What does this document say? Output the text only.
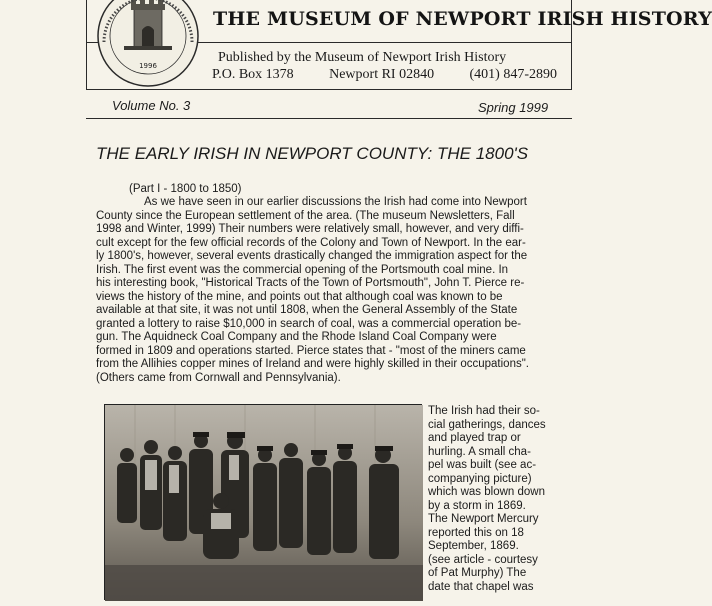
1996
THE MUSEUM OF NEWPORT IRISH HISTORY
Published by the Museum of Newport Irish History
P.O. Box 1378	Newport RI 02840	(401) 847-2890
Volume No. 3	Spring 1999
THE EARLY IRISH IN NEWPORT COUNTY: THE 1800'S
(Part I - 1800 to 1850)
As we have seen in our earlier discussions the Irish had come into Newport
County since the European settlement of the area. (The museum Newsletters, Fall
1998 and Winter, 1999) Their numbers were relatively small, however, and very diffi-
cult except for the few official records of the Colony and Town of Newport. In the ear-
ly 1800's, however, several events drastically changed the immigration aspect for the
Irish. The first event was the commercial opening of the Portsmouth coal mine. In
his interesting book, "Historical Tracts of the Town of Portsmouth", John T. Pierce re-
views the history of the mine, and points out that although coal was known to be
available at that site, it was not until 1808, when the General Assembly of the State
granted a lottery to raise $10,000 in search of coal, was a commercial operation be-
gun. The Aquidneck Coal Company and the Rhode Island Coal Company were
formed in 1809 and operations started. Pierce states that - "most of the miners came
from the Allihies copper mines of Ireland and were highly skilled in their occupations".
(Others came from Cornwall and Pennsylvania).
The Irish had their so-
cial gatherings, dances
and played trap or
hurling. A small cha-
pel was built (see ac-
companying picture)
which was blown down
by a storm in 1869.
The Newport Mercury
reported this on 18
September, 1869.
(see article - courtesy
of Pat Murphy) The
date that chapel was
